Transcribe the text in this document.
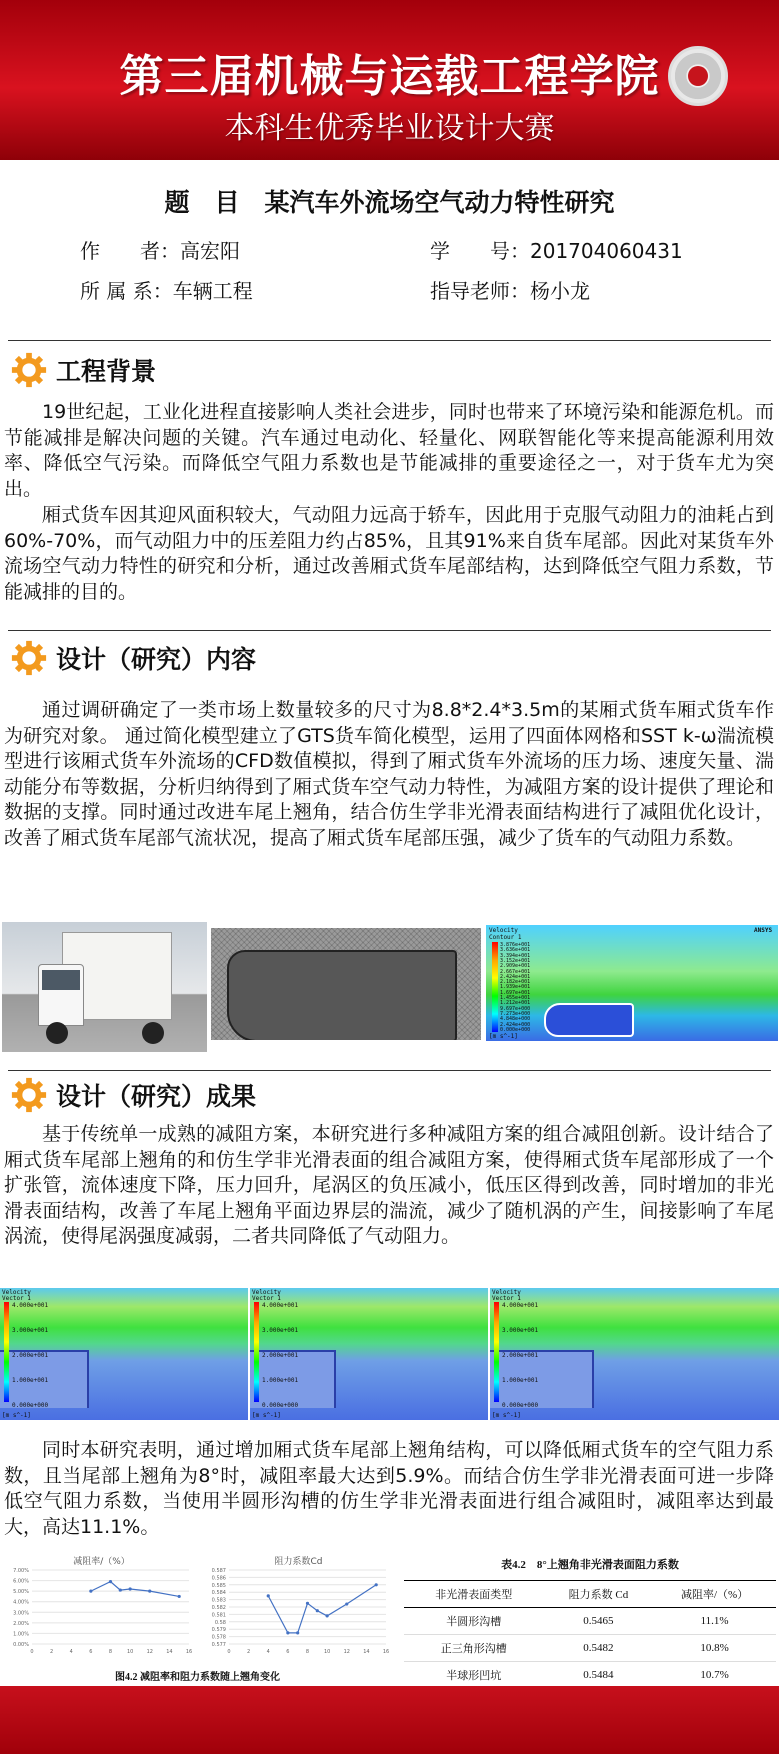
第三届机械与运载工程学院
本科生优秀毕业设计大赛
题　目　某汽车外流场空气动力特性研究
作　　者：高宏阳	学　　号：201704060431
所 属 系：车辆工程	指导老师：杨小龙
工程背景

19世纪起，工业化进程直接影响人类社会进步，同时也带来了环境污染和能源危机。而节能减排是解决问题的关键。汽车通过电动化、轻量化、网联智能化等来提高能源利用效率、降低空气污染。而降低空气阻力系数也是节能减排的重要途径之一，对于货车尤为突出。

厢式货车因其迎风面积较大，气动阻力远高于轿车，因此用于克服气动阻力的油耗占到60%-70%，而气动阻力中的压差阻力约占85%，且其91%来自货车尾部。因此对某货车外流场空气动力特性的研究和分析，通过改善厢式货车尾部结构，达到降低空气阻力系数，节能减排的目的。

设计（研究）内容

通过调研确定了一类市场上数量较多的尺寸为8.8*2.4*3.5m的某厢式货车厢式货车作为研究对象。 通过简化模型建立了GTS货车简化模型，运用了四面体网格和SST k-ω湍流模型进行该厢式货车外流场的CFD数值模拟，得到了厢式货车外流场的压力场、速度矢量、湍动能分布等数据，分析归纳得到了厢式货车空气动力特性，为减阻方案的设计提供了理论和数据的支撑。同时通过改进车尾上翘角，结合仿生学非光滑表面结构进行了减阻优化设计，改善了厢式货车尾部气流状况，提高了厢式货车尾部压强，减少了货车的气动阻力系数。

Velocity
Contour 1
ANSYS
3.876e+001
3.636e+001
3.394e+001
3.152e+001
2.909e+001
2.667e+001
2.424e+001
2.182e+001
1.939e+001
1.697e+001
1.455e+001
1.212e+001
9.697e+000
7.273e+000
4.848e+000
2.424e+000
0.000e+000
[m s^-1]
设计（研究）成果

基于传统单一成熟的减阻方案，本研究进行多种减阻方案的组合减阻创新。设计结合了厢式货车尾部上翘角的和仿生学非光滑表面的组合减阻方案，使得厢式货车尾部形成了一个扩张管，流体速度下降，压力回升，尾涡区的负压减小，低压区得到改善，同时增加的非光滑表面结构，改善了车尾上翘角平面边界层的湍流，减少了随机涡的产生，间接影响了车尾涡流，使得尾涡强度减弱，二者共同降低了气动阻力。

Velocity
Vector 1
4.000e+001
3.000e+001
2.000e+001
1.000e+001
0.000e+000
[m s^-1]
Velocity
Vector 1
4.000e+001
3.000e+001
2.000e+001
1.000e+001
0.000e+000
[m s^-1]
Velocity
Vector 1
4.000e+001
3.000e+001
2.000e+001
1.000e+001
0.000e+000
[m s^-1]

同时本研究表明，通过增加厢式货车尾部上翘角结构，可以降低厢式货车的空气阻力系数，且当尾部上翘角为8°时，减阻率最大达到5.9%。而结合仿生学非光滑表面可进一步降低空气阻力系数，当使用半圆形沟槽的仿生学非光滑表面进行组合减阻时，减阻率达到最大，高达11.1%。

减阻率/（%）
7.00%
6.00%
5.00%
4.00%
3.00%
2.00%
1.00%
0.00%
0	2	4	6	8	10	12	14	16
阻力系数Cd
0.587
0.586
0.585
0.584
0.583
0.582
0.581
0.58
0.579
0.578
0.577
0	2	4	6	8	10	12	14	16
图4.2 减阻率和阻力系数随上翘角变化
表4.2　8°上翘角非光滑表面阻力系数
非光滑表面类型	阻力系数 Cd	减阻率/（%）
半圆形沟槽	0.5465	11.1%
正三角形沟槽	0.5482	10.8%
半球形凹坑	0.5484	10.7%
